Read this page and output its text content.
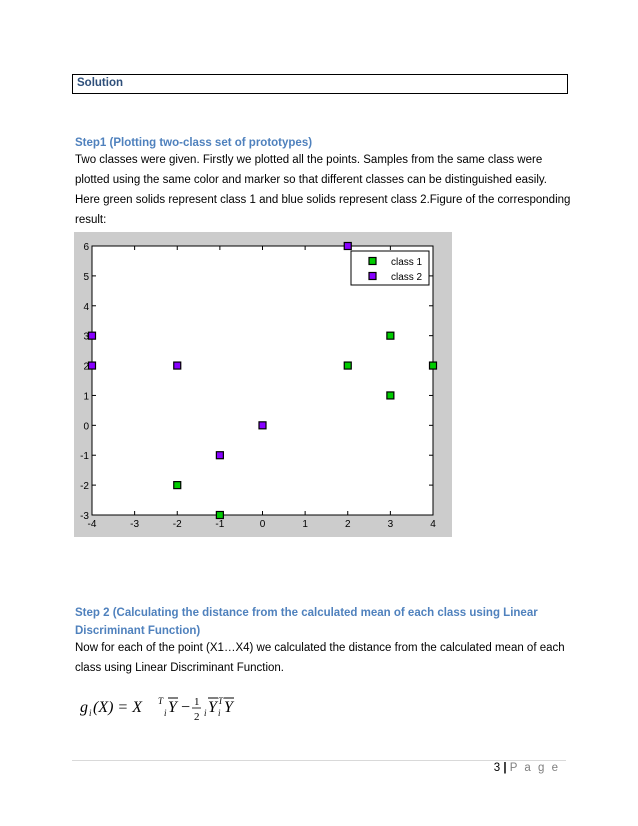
Solution
Step1 (Plotting two-class set of prototypes)
Two classes were given. Firstly we plotted all the points. Samples from the same class were
plotted using the same color and marker so that different classes can be distinguished easily.
Here green solids represent class 1 and blue solids represent class 2.Figure of the corresponding
result:
-4	-3	-2	-1	0	1	2	3	4
-3
-2
-1
0
1
2
3
4
5
6
class 1
class 2
Step 2 (Calculating the distance from the calculated mean of each class using Linear
Discriminant Function)
Now for each of the point (X1…X4) we calculated the distance from the calculated mean of each
class using Linear Discriminant Function.
g i (X) = X T
i Y − 1
2 i Y T
i Y
3 | P a g e
